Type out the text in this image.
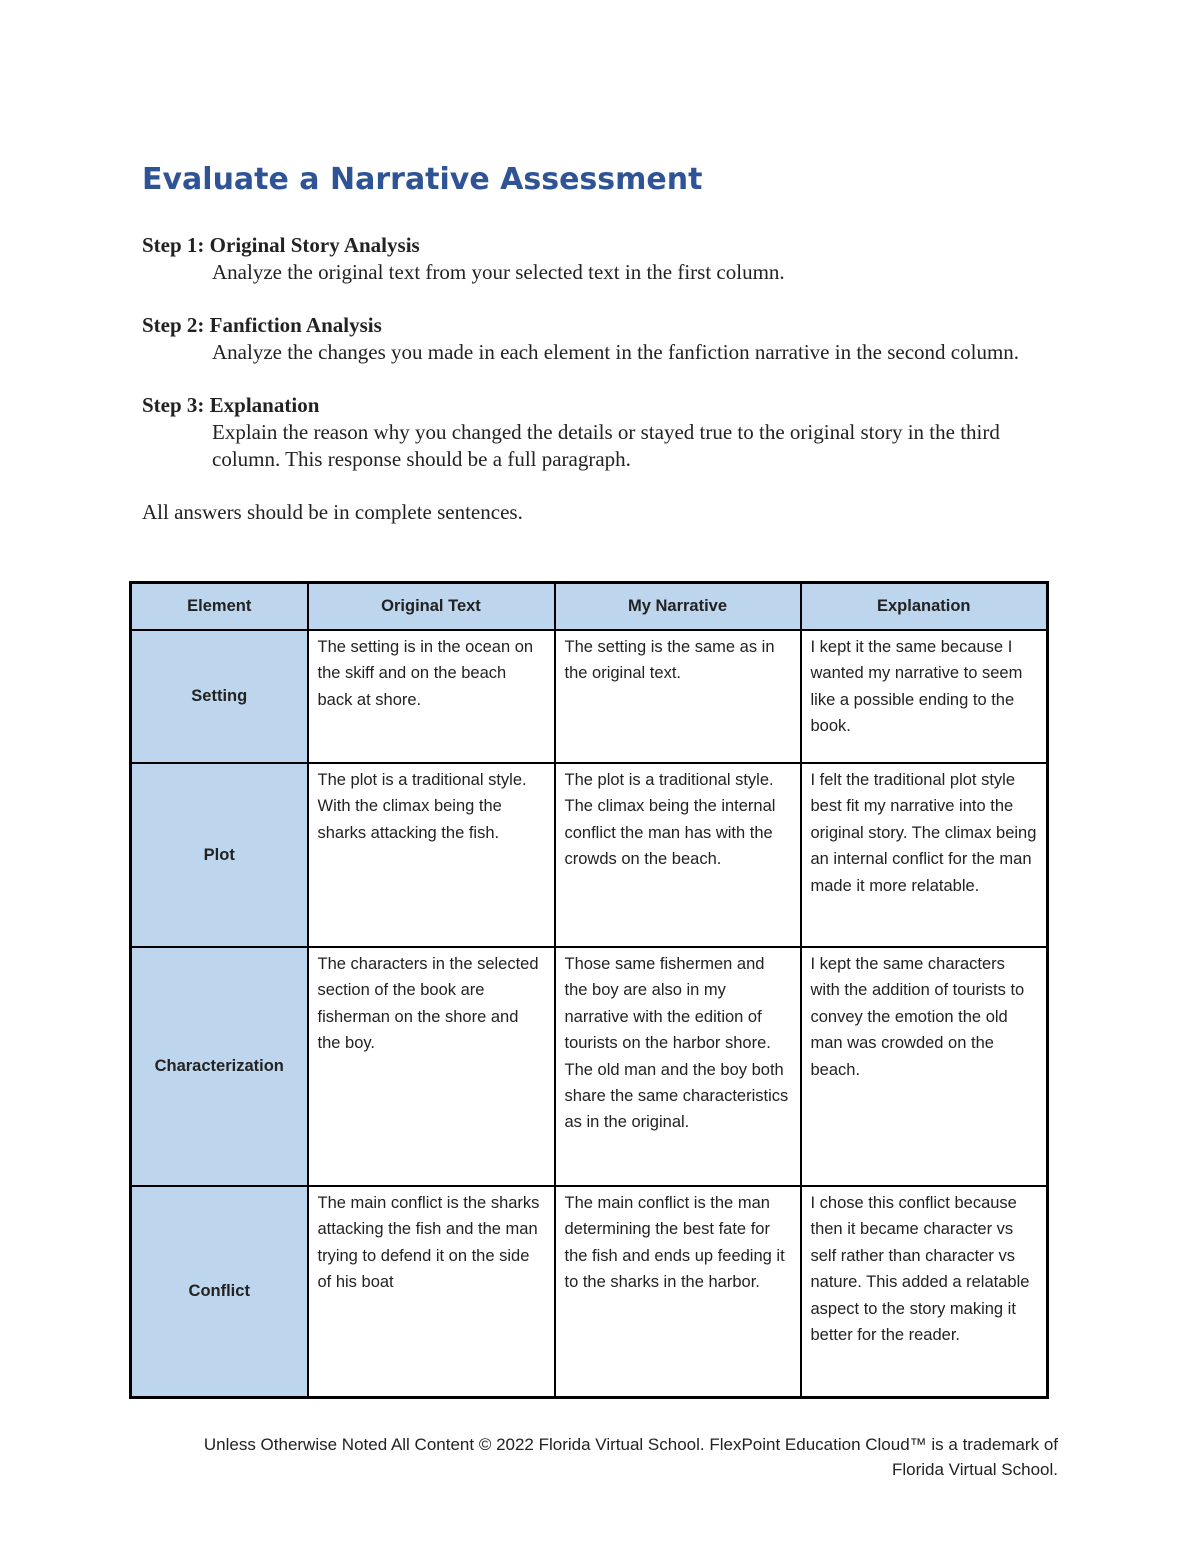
Evaluate a Narrative Assessment
Step 1: Original Story Analysis
Analyze the original text from your selected text in the first column.
Step 2: Fanfiction Analysis
Analyze the changes you made in each element in the fanfiction narrative in the second column.
Step 3: Explanation
Explain the reason why you changed the details or stayed true to the original story in the third column. This response should be a full paragraph.
All answers should be in complete sentences.
Element	Original Text	My Narrative	Explanation
Setting	The setting is in the ocean on the skiff and on the beach back at shore.	The setting is the same as in the original text.	I kept it the same because I wanted my narrative to seem like a possible ending to the book.
Plot	The plot is a traditional style. With the climax being the sharks attacking the fish.	The plot is a traditional style. The climax being the internal conflict the man has with the crowds on the beach.	I felt the traditional plot style best fit my narrative into the original story. The climax being an internal conflict for the man made it more relatable.
Characterization	The characters in the selected section of the book are fisherman on the shore and the boy.	Those same fishermen and the boy are also in my narrative with the edition of tourists on the harbor shore. The old man and the boy both share the same characteristics as in the original.	I kept the same characters with the addition of tourists to convey the emotion the old man was crowded on the beach.
Conflict	The main conflict is the sharks attacking the fish and the man trying to defend it on the side of his boat	The main conflict is the man determining the best fate for the fish and ends up feeding it to the sharks in the harbor.	I chose this conflict because then it became character vs self rather than character vs nature. This added a relatable aspect to the story making it better for the reader.
Unless Otherwise Noted All Content © 2022 Florida Virtual School. FlexPoint Education Cloud™ is a trademark of Florida Virtual School.
